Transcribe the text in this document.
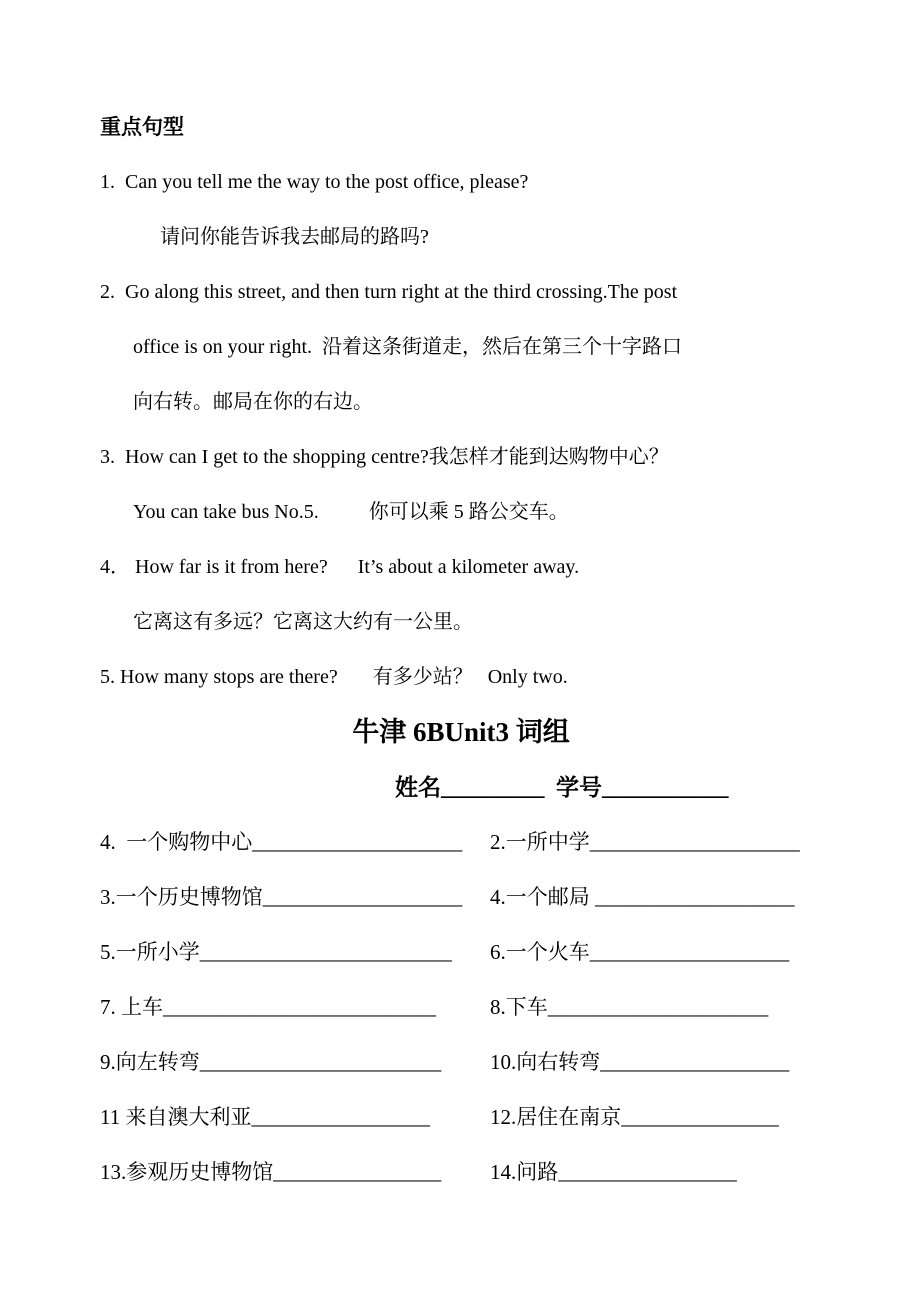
重点句型
1.  Can you tell me the way to the post office, please?
请问你能告诉我去邮局的路吗?
2.  Go along this street, and then turn right at the third crossing.The post
office is on your right.  沿着这条街道走，然后在第三个十字路口
向右转。邮局在你的右边。
3.  How can I get to the shopping centre?我怎样才能到达购物中心？
You can take bus No.5.          你可以乘 5 路公交车。
4． How far is it from here?      It’s about a kilometer away.
它离这有多远？它离这大约有一公里。
5. How many stops are there?       有多少站？   Only two.
牛津 6BUnit3 词组
姓名_________  学号___________
4.  一个购物中心____________________	2.一所中学____________________
3.一个历史博物馆___________________	4.一个邮局 ___________________
5.一所小学________________________	6.一个火车___________________
7. 上车__________________________	8.下车_____________________
9.向左转弯_______________________	10.向右转弯__________________
11 来自澳大利亚_________________	12.居住在南京_______________
13.参观历史博物馆________________	14.问路_________________
